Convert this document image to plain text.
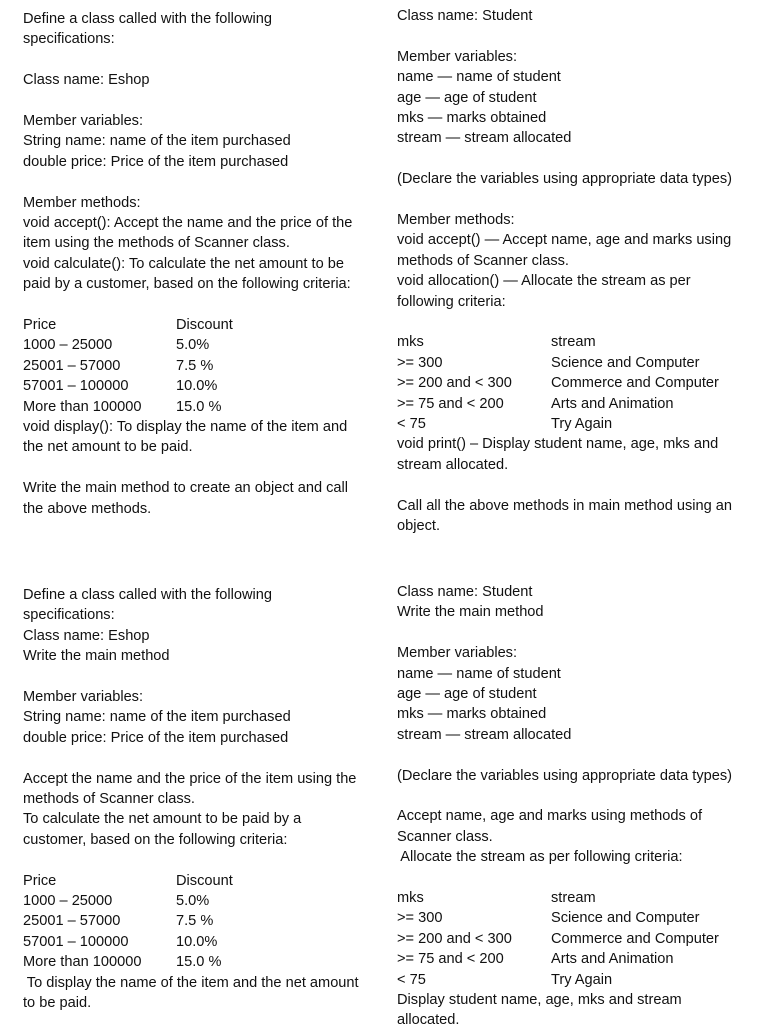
Define a class called with the following

specifications:

Class name: Eshop

Member variables:

String name: name of the item purchased

double price: Price of the item purchased

Member methods:

void accept(): Accept the name and the price of the

item using the methods of Scanner class.

void calculate(): To calculate the net amount to be

paid by a customer, based on the following criteria:

Price	Discount
1000 – 25000	5.0%
25001 – 57000	7.5 %
57001 – 100000	10.0%
More than 100000	15.0 %

void display(): To display the name of the item and

the net amount to be paid.

Write the main method to create an object and call

the above methods.

Class name: Student

Member variables:

name — name of student

age — age of student

mks — marks obtained

stream — stream allocated

(Declare the variables using appropriate data types)

Member methods:

void accept() — Accept name, age and marks using

methods of Scanner class.

void allocation() — Allocate the stream as per

following criteria:

mks	stream
>= 300	Science and Computer
>= 200 and < 300	Commerce and Computer
>= 75 and < 200	Arts and Animation
< 75	Try Again

void print() – Display student name, age, mks and

stream allocated.

Call all the above methods in main method using an

object.

Define a class called with the following

specifications:

Class name: Eshop

Write the main method

Member variables:

String name: name of the item purchased

double price: Price of the item purchased

Accept the name and the price of the item using the

methods of Scanner class.

To calculate the net amount to be paid by a

customer, based on the following criteria:

Price	Discount
1000 – 25000	5.0%
25001 – 57000	7.5 %
57001 – 100000	10.0%
More than 100000	15.0 %

To display the name of the item and the net amount

to be paid.

Class name: Student

Write the main method

Member variables:

name — name of student

age — age of student

mks — marks obtained

stream — stream allocated

(Declare the variables using appropriate data types)

Accept name, age and marks using methods of

Scanner class.

Allocate the stream as per following criteria:

mks	stream
>= 300	Science and Computer
>= 200 and < 300	Commerce and Computer
>= 75 and < 200	Arts and Animation
< 75	Try Again

Display student name, age, mks and stream

allocated.
